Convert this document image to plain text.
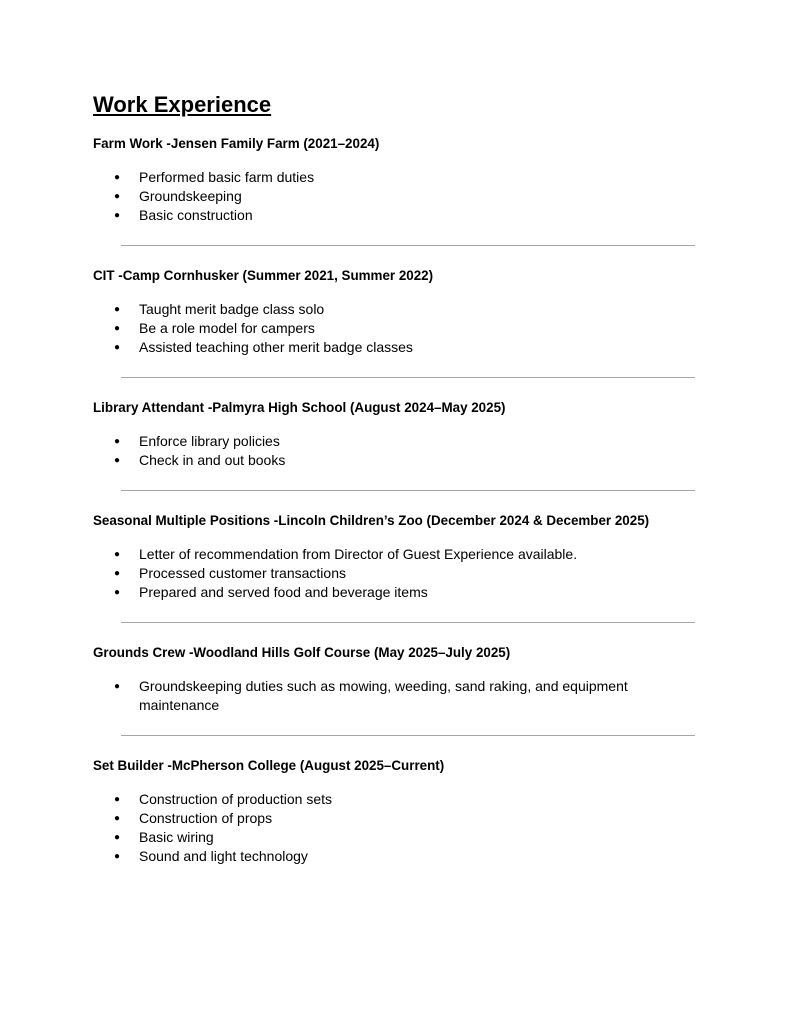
Work Experience

Farm Work -Jensen Family Farm (2021–2024)

● Performed basic farm duties
● Groundskeeping
● Basic construction

CIT -Camp Cornhusker (Summer 2021, Summer 2022)

● Taught merit badge class solo
● Be a role model for campers
● Assisted teaching other merit badge classes

Library Attendant -Palmyra High School (August 2024–May 2025)

● Enforce library policies
● Check in and out books

Seasonal Multiple Positions -Lincoln Children’s Zoo (December 2024 & December 2025)

● Letter of recommendation from Director of Guest Experience available.
● Processed customer transactions
● Prepared and served food and beverage items

Grounds Crew -Woodland Hills Golf Course (May 2025–July 2025)

● Groundskeeping duties such as mowing, weeding, sand raking, and equipment maintenance

Set Builder -McPherson College (August 2025–Current)

● Construction of production sets
● Construction of props
● Basic wiring
● Sound and light technology
